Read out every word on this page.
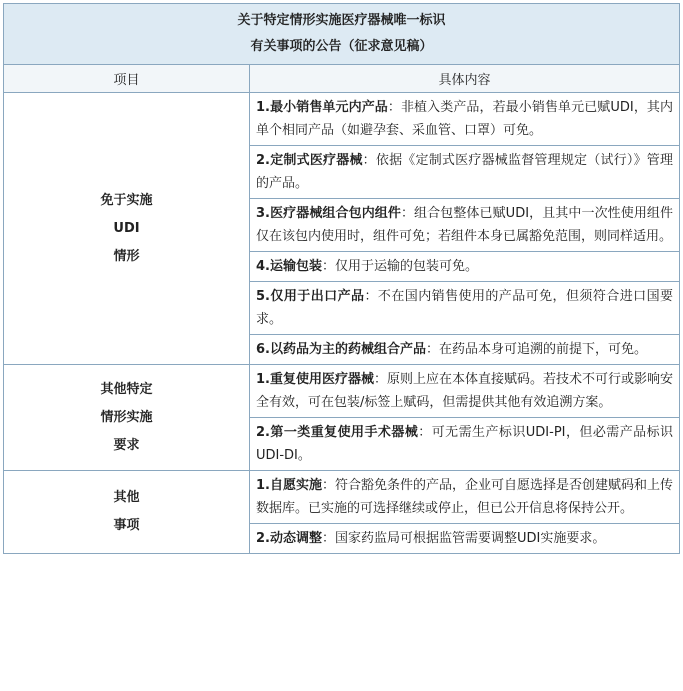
关于特定情形实施医疗器械唯一标识
有关事项的公告（征求意见稿）	

项目	具体内容

免于实施
UDI
情形	1.最小销售单元内产品：非植入类产品，若最小销售单元已赋UDI，其内单个相同产品（如避孕套、采血管、口罩）可免。
	2.定制式医疗器械：依据《定制式医疗器械监督管理规定（试行）》管理的产品。
	3.医疗器械组合包内组件：组合包整体已赋UDI，且其中一次性使用组件仅在该包内使用时，组件可免；若组件本身已属豁免范围，则同样适用。
	4.运输包装：仅用于运输的包装可免。
	5.仅用于出口产品：不在国内销售使用的产品可免，但须符合进口国要求。
	6.以药品为主的药械组合产品：在药品本身可追溯的前提下，可免。

其他特定
情形实施
要求	1.重复使用医疗器械：原则上应在本体直接赋码。若技术不可行或影响安全有效，可在包装/标签上赋码，但需提供其他有效追溯方案。
	2.第一类重复使用手术器械：可无需生产标识UDI-PI，但必需产品标识UDI-DI。

其他
事项	1.自愿实施：符合豁免条件的产品，企业可自愿选择是否创建赋码和上传数据库。已实施的可选择继续或停止，但已公开信息将保持公开。
	2.动态调整：国家药监局可根据监管需要调整UDI实施要求。
